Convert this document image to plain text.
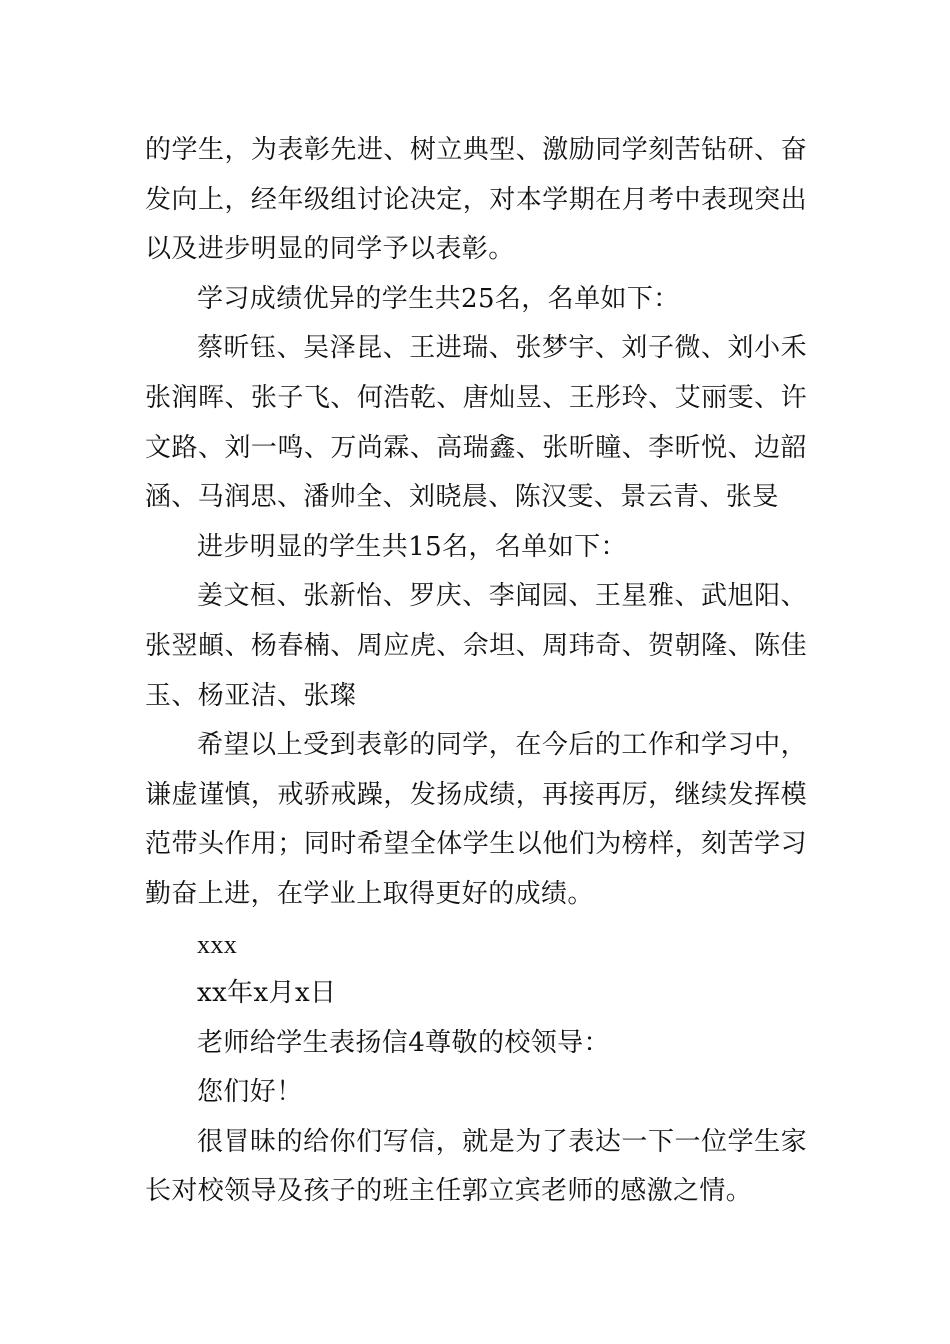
的学生，为表彰先进、树立典型、激励同学刻苦钻研、奋发向上，经年级组讨论决定，对本学期在月考中表现突出以及进步明显的同学予以表彰。

学习成绩优异的学生共25名，名单如下：

蔡昕钰、吴泽昆、王进瑞、张梦宇、刘子微、刘小禾张润晖、张子飞、何浩乾、唐灿昱、王彤玲、艾丽雯、许文路、刘一鸣、万尚霖、高瑞鑫、张昕瞳、李昕悦、边韶涵、马润思、潘帅全、刘晓晨、陈汉雯、景云青、张旻

进步明显的学生共15名，名单如下：

姜文桓、张新怡、罗庆、李闻园、王星雅、武旭阳、张翌頔、杨春楠、周应虎、佘坦、周玮奇、贺朝隆、陈佳玉、杨亚洁、张璨

希望以上受到表彰的同学，在今后的工作和学习中，谦虚谨慎，戒骄戒躁，发扬成绩，再接再厉，继续发挥模范带头作用；同时希望全体学生以他们为榜样，刻苦学习勤奋上进，在学业上取得更好的成绩。

xxx

xx年x月x日

老师给学生表扬信4尊敬的校领导：

您们好！

很冒昧的给你们写信，就是为了表达一下一位学生家长对校领导及孩子的班主任郭立宾老师的感激之情。
